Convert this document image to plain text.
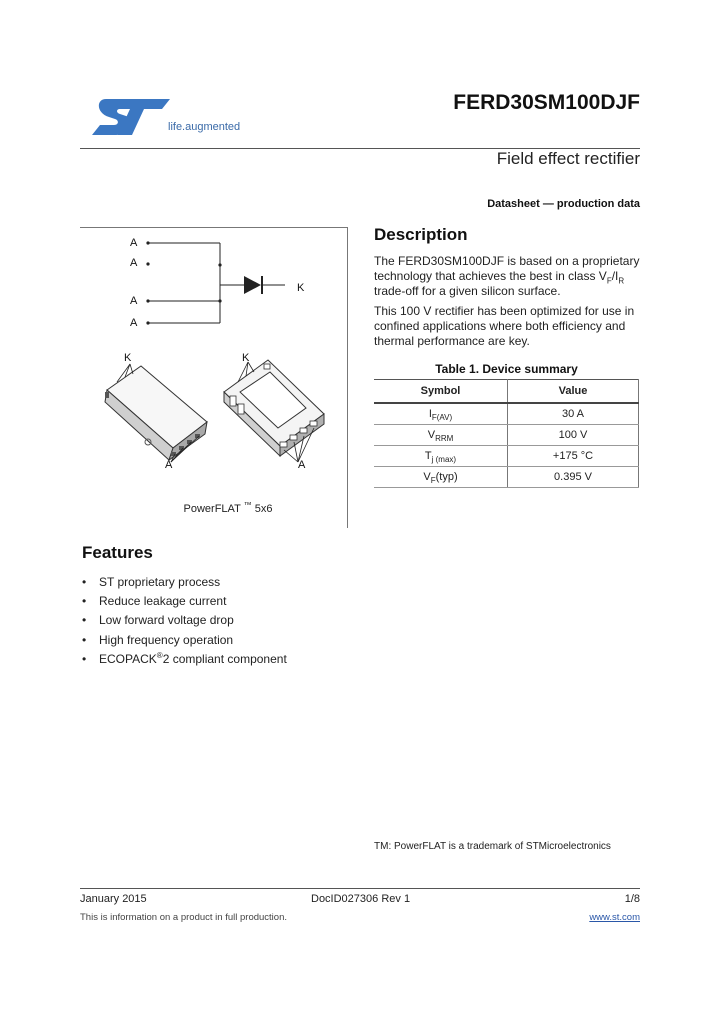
life.augmented
FERD30SM100DJF
Field effect rectifier
Datasheet — production data
A
A
A
A
K
K
A
K
A
PowerFLAT ™ 5x6
Description
The FERD30SM100DJF is based on a proprietary technology that achieves the best in class $V_F/I_R$ trade-off for a given silicon surface.
This 100 V rectifier has been optimized for use in confined applications where both efficiency and thermal performance are key.
Table 1. Device summary
Symbol	Value
$I_{F(AV)}$	30 A
$V_{RRM}$	100 V
$T_{j (max)}$	+175 °C
$V_F(typ)$	0.395 V
Features
• ST proprietary process
• Reduce leakage current
• Low forward voltage drop
• High frequency operation
• ECOPACK®2 compliant component
TM: PowerFLAT is a trademark of STMicroelectronics
January 2015	DocID027306 Rev 1	1/8
This is information on a product in full production.	www.st.com
